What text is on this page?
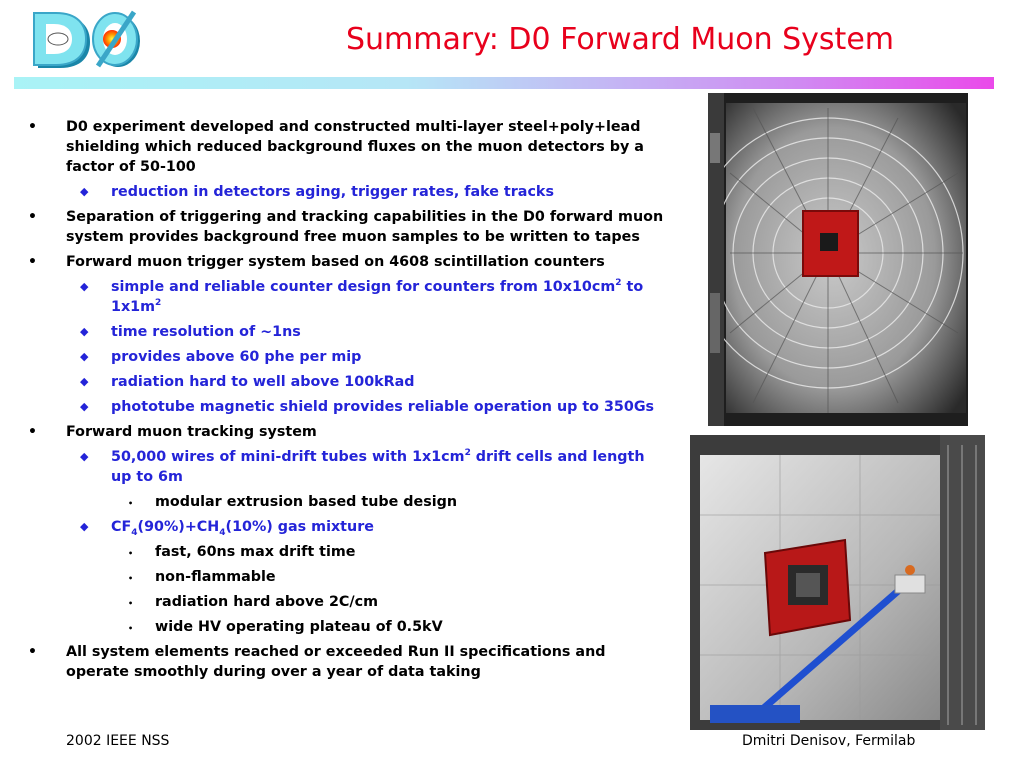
Summary: D0 Forward Muon System
• D0 experiment developed and constructed multi-layer steel+poly+lead shielding which reduced background fluxes on the muon detectors by a factor of 50-100
◆ reduction in detectors aging, trigger rates, fake tracks
• Separation of triggering and tracking capabilities in the D0 forward muon system provides background free muon samples to be written to tapes
• Forward muon trigger system based on 4608 scintillation counters
◆ simple and reliable counter design for counters from $10x10cm^2$ to $1x1m^2$
◆ time resolution of ~1ns
◆ provides above 60 phe per mip
◆ radiation hard to well above 100kRad
◆ phototube magnetic shield provides reliable operation up to 350Gs
• Forward muon tracking system
◆ 50,000 wires of mini-drift tubes with $1x1cm^2$ drift cells and length up to 6m
• modular extrusion based tube design
◆ $CF_4(90\%)+CH_4(10\%)$ gas mixture
• fast, 60ns max drift time
• non-flammable
• radiation hard above 2C/cm
• wide HV operating plateau of 0.5kV
• All system elements reached or exceeded Run II specifications and operate smoothly during over a year of data taking
2002 IEEE NSS	Dmitri Denisov, Fermilab
